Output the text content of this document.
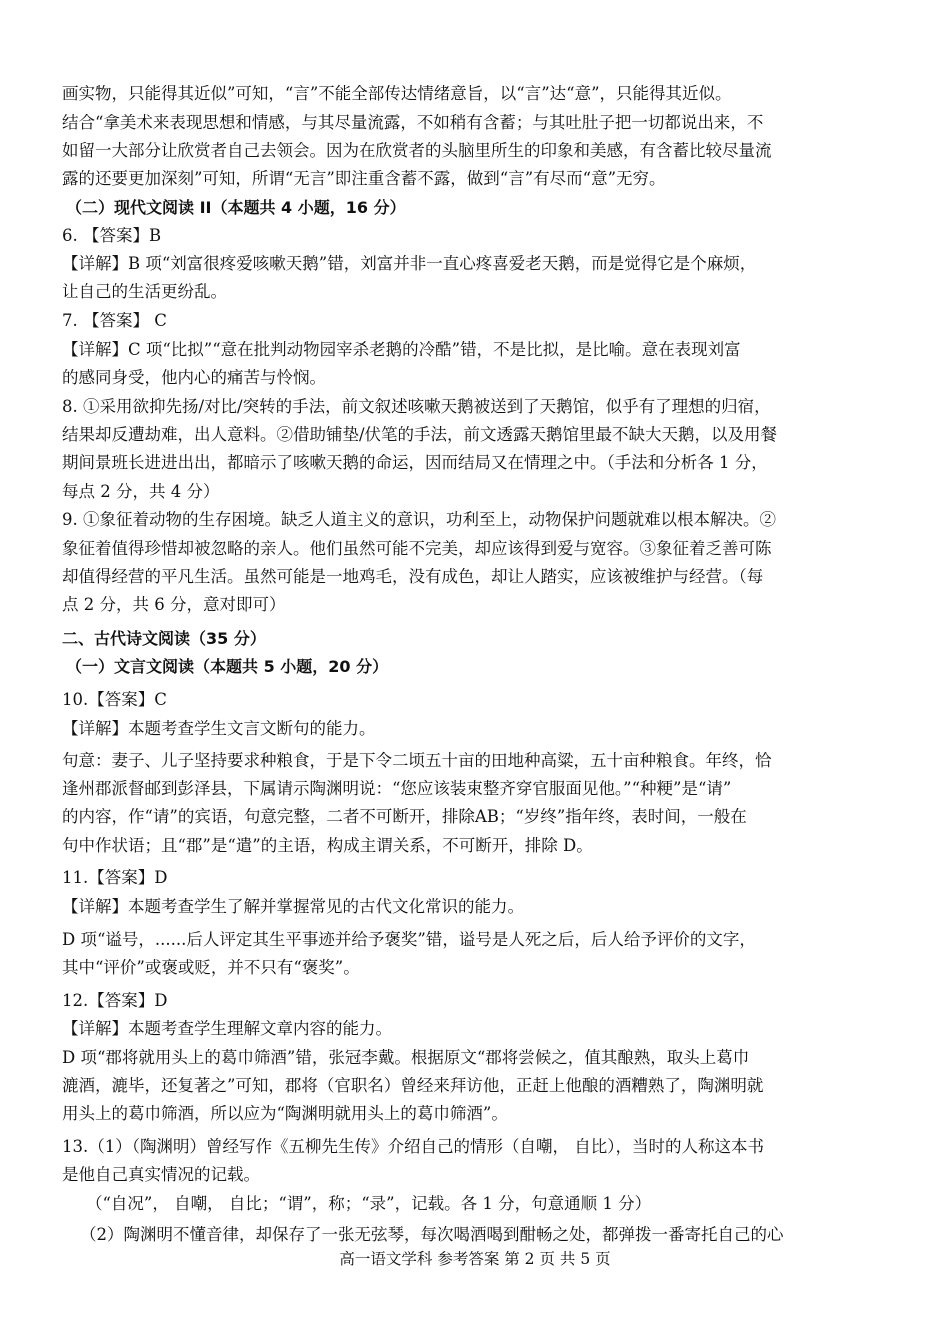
画实物，只能得其近似”可知，“言”不能全部传达情绪意旨，以“言”达“意”，只能得其近似。
结合“拿美术来表现思想和情感，与其尽量流露，不如稍有含蓄；与其吐肚子把一切都说出来，不
如留一大部分让欣赏者自己去领会。因为在欣赏者的头脑里所生的印象和美感，有含蓄比较尽量流
露的还要更加深刻”可知，所谓“无言”即注重含蓄不露，做到“言”有尽而“意”无穷。
（二）现代文阅读 II（本题共 4 小题，16 分）
6. 【答案】B
【详解】B 项“刘富很疼爱咳嗽天鹅”错，刘富并非一直心疼喜爱老天鹅，而是觉得它是个麻烦，
让自己的生活更纷乱。
7. 【答案】 C
【详解】C 项“比拟”“意在批判动物园宰杀老鹅的冷酷”错，不是比拟，是比喻。意在表现刘富
的感同身受，他内心的痛苦与怜悯。
8. ①采用欲抑先扬/对比/突转的手法，前文叙述咳嗽天鹅被送到了天鹅馆，似乎有了理想的归宿，
结果却反遭劫难，出人意料。②借助铺垫/伏笔的手法，前文透露天鹅馆里最不缺大天鹅，以及用餐
期间景班长进进出出，都暗示了咳嗽天鹅的命运，因而结局又在情理之中。（手法和分析各 1 分，
每点 2 分，共 4 分）
9. ①象征着动物的生存困境。缺乏人道主义的意识，功利至上，动物保护问题就难以根本解决。②
象征着值得珍惜却被忽略的亲人。他们虽然可能不完美，却应该得到爱与宽容。③象征着乏善可陈
却值得经营的平凡生活。虽然可能是一地鸡毛，没有成色，却让人踏实，应该被维护与经营。（每
点 2 分，共 6 分，意对即可）
二、古代诗文阅读（35 分）
（一）文言文阅读（本题共 5 小题，20 分）
10.【答案】C
【详解】本题考查学生文言文断句的能力。
句意：妻子、儿子坚持要求种粮食，于是下令二顷五十亩的田地种高粱，五十亩种粮食。年终，恰
逢州郡派督邮到彭泽县，下属请示陶渊明说：“您应该装束整齐穿官服面见他。”“种粳”是“请”
的内容，作“请”的宾语，句意完整，二者不可断开，排除AB；“岁终”指年终，表时间，一般在
句中作状语；且“郡”是“遣”的主语，构成主谓关系，不可断开，排除 D。
11.【答案】D
【详解】本题考查学生了解并掌握常见的古代文化常识的能力。
D 项“谥号，......后人评定其生平事迹并给予褒奖”错，谥号是人死之后，后人给予评价的文字，
其中“评价”或褒或贬，并不只有“褒奖”。
12.【答案】D
【详解】本题考查学生理解文章内容的能力。
D 项“郡将就用头上的葛巾筛酒”错，张冠李戴。根据原文“郡将尝候之，值其酿熟，取头上葛巾
漉酒，漉毕，还复著之”可知，郡将（官职名）曾经来拜访他，正赶上他酿的酒糟熟了，陶渊明就
用头上的葛巾筛酒，所以应为“陶渊明就用头上的葛巾筛酒”。
13.（1）（陶渊明）曾经写作《五柳先生传》介绍自己的情形（自嘲， 自比），当时的人称这本书
是他自己真实情况的记载。
（“自况”， 自嘲， 自比；“谓”，称；“录”，记载。各 1 分，句意通顺 1 分）
（2）陶渊明不懂音律，却保存了一张无弦琴，每次喝酒喝到酣畅之处，都弹拨一番寄托自己的心
高一语文学科 参考答案 第 2 页 共 5 页
